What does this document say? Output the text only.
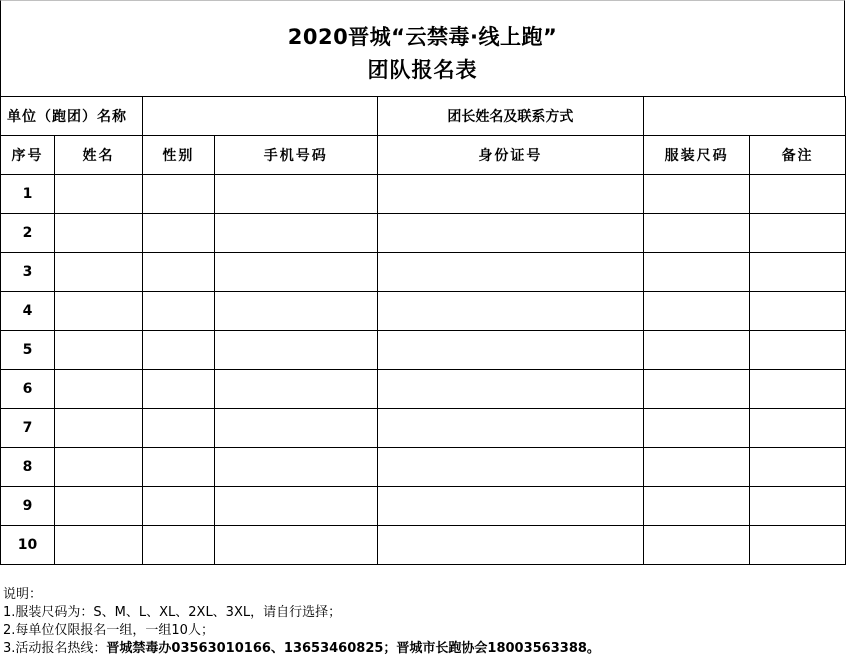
2020晋城“云禁毒·线上跑”
团队报名表
单位（跑团）名称				团长姓名及联系方式		
序号	姓名	性别	手机号码	身份证号	服装尺码	备注
1						
2						
3						
4						
5						
6						
7						
8						
9						
10						
说明：
1.服装尺码为：S、M、L、XL、2XL、3XL，请自行选择；
2.每单位仅限报名一组，一组10人；
3.活动报名热线：晋城禁毒办03563010166、13653460825；晋城市长跑协会18003563388。
